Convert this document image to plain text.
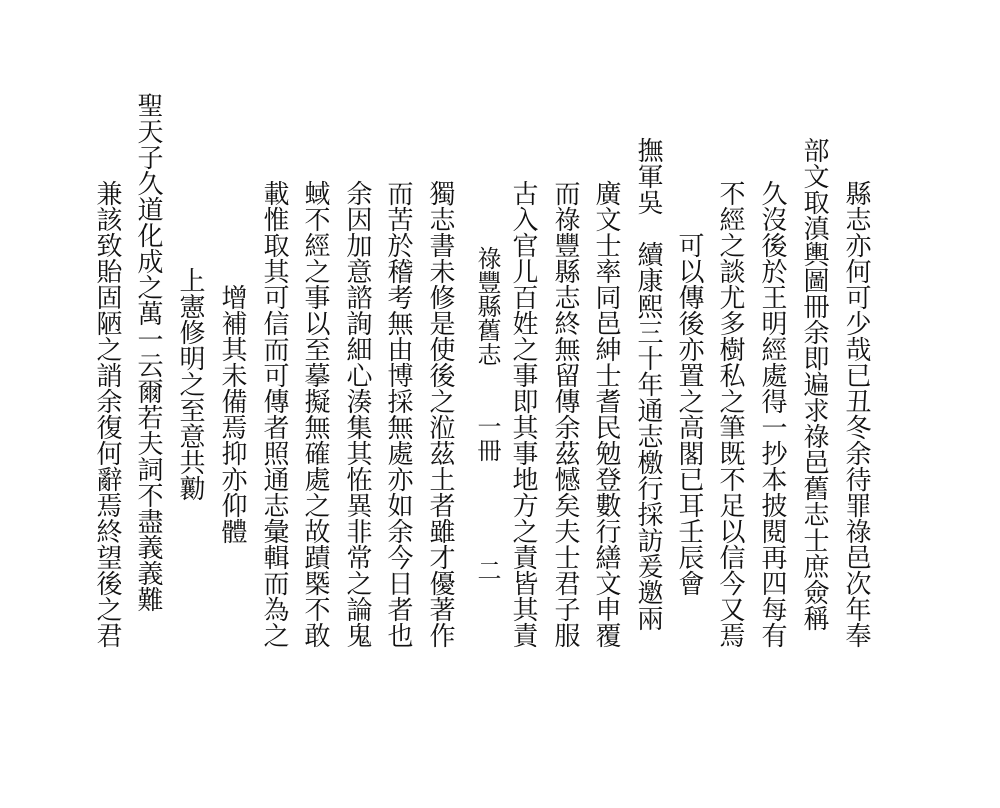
縣志亦何可少哉已丑冬余待罪祿邑次年奉
部文取滇輿圖冊余即遍求祿邑舊志士庶僉稱
久沒後於王明經處得一抄本披閱再四每有
不經之談尤多樹私之筆既不足以信今又焉
可以傳後亦置之高閣已耳壬辰會
撫軍吳　續康熙三十年通志檄行採訪爰邀兩
廣文士率同邑紳士耆民勉登數行繕文申覆
而祿豐縣志終無留傳余茲憾矣夫士君子服
古入官儿百姓之事即其事地方之責皆其責
祿豐縣舊志　　一冊　　　　二
獨志書未修是使後之涖茲土者雖才優著作
而苦於稽考無由博採無處亦如余今日者也
余因加意諮詢細心湊集其恠異非常之論鬼
蜮不經之事以至摹擬無確處之故蹟槩不敢
載惟取其可信而可傳者照通志彙輯而為之
增補其未備焉抑亦仰體
上憲修明之至意共勷
聖天子久道化成之萬一云爾若夫詞不盡義義難
兼該致貽固陋之誚余復何辭焉終望後之君
